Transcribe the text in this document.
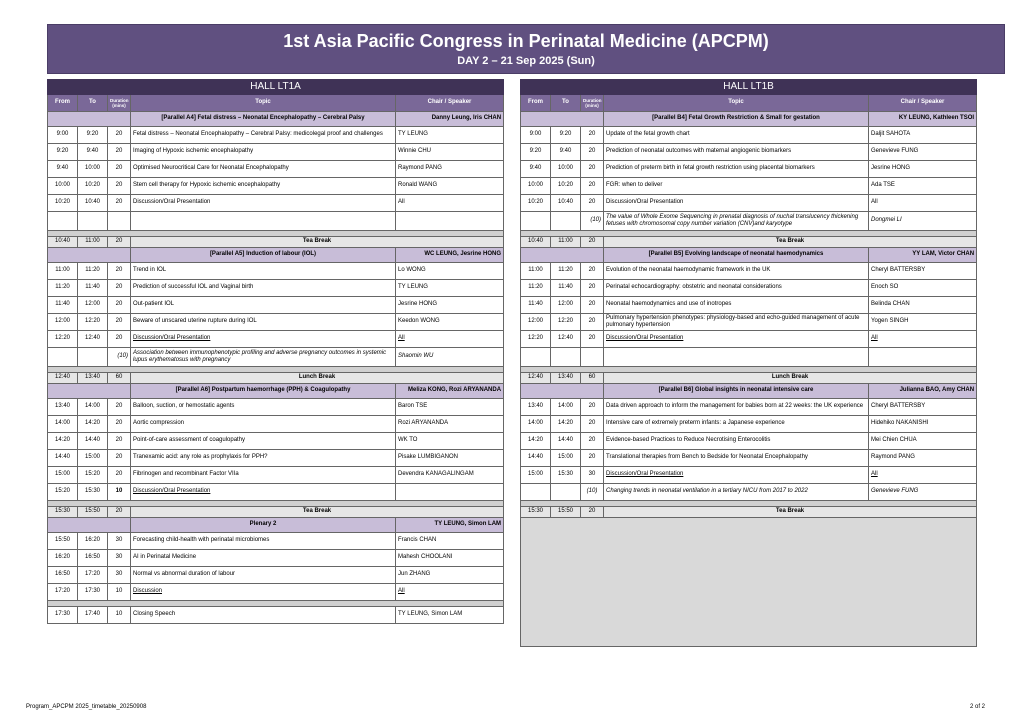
1st Asia Pacific Congress in Perinatal Medicine (APCPM)
DAY 2 – 21 Sep 2025 (Sun)
HALL LT1A				
From	To	Duration (mins)	Topic	Chair / Speaker
			[Parallel A4] Fetal distress – Neonatal Encephalopathy – Cerebral Palsy	Danny Leung, Iris CHAN
9:00	9:20	20	Fetal distress – Neonatal Encephalopathy – Cerebral Palsy: medicolegal proof and challenges	TY LEUNG
9:20	9:40	20	Imaging of Hypoxic ischemic encephalopathy	Winnie CHU
9:40	10:00	20	Optimised Neurocritical Care for Neonatal Encephalopathy	Raymond PANG
10:00	10:20	20	Stem cell therapy for Hypoxic ischemic encephalopathy	Ronald WANG
10:20	10:40	20	Discussion/Oral Presentation	All

10:40	11:00	20	Tea Break	
			[Parallel A5] Induction of labour (IOL)	WC LEUNG, Jesrine HONG
11:00	11:20	20	Trend in IOL	Lo WONG
11:20	11:40	20	Prediction of successful IOL and Vaginal birth	TY LEUNG
11:40	12:00	20	Out-patient IOL	Jesrine HONG
12:00	12:20	20	Beware of unscared uterine rupture during IOL	Keedon WONG
12:20	12:40	20	Discussion/Oral Presentation	All
		(10)	Association between immunophenotypic profiling and adverse pregnancy outcomes in systemic lupus erythematosus with pregnancy	Shaomin WU

12:40	13:40	60	Lunch Break	
			[Parallel A6] Postpartum haemorrhage (PPH) & Coagulopathy	Meliza KONG, Rozi ARYANANDA
13:40	14:00	20	Balloon, suction, or hemostatic agents	Baron TSE
14:00	14:20	20	Aortic compression	Rozi ARYANANDA
14:20	14:40	20	Point-of-care assessment of coagulopathy	WK TO
14:40	15:00	20	Tranexamic acid: any role as prophylaxis for PPH?	Pisake LUMBIGANON
15:00	15:20	20	Fibrinogen and recombinant Factor VIIa	Devendra KANAGALINGAM
15:20	15:30	10	Discussion/Oral Presentation	

15:30	15:50	20	Tea Break	
			Plenary 2	TY LEUNG, Simon LAM
15:50	16:20	30	Forecasting child-health with perinatal microbiomes	Francis CHAN
16:20	16:50	30	AI in Perinatal Medicine	Mahesh CHOOLANI
16:50	17:20	30	Normal vs abnormal duration of labour	Jun ZHANG
17:20	17:30	10	Discussion	All

17:30	17:40	10	Closing Speech	TY LEUNG, Simon LAM
HALL LT1B				
From	To	Duration (mins)	Topic	Chair / Speaker
			[Parallel B4] Fetal Growth Restriction & Small for gestation	KY LEUNG, Kathleen TSOI
9:00	9:20	20	Update of the fetal growth chart	Daljit SAHOTA
9:20	9:40	20	Prediction of neonatal outcomes with maternal angiogenic biomarkers	Genevieve FUNG
9:40	10:00	20	Prediction of preterm birth in fetal growth restriction using placental biomarkers	Jesrine HONG
10:00	10:20	20	FGR: when to deliver	Ada TSE
10:20	10:40	20	Discussion/Oral Presentation	All
		(10)	The value of Whole Exome Sequencing in prenatal diagnosis of nuchal translucency thickening fetuses with chromosomal copy number variation (CNV)and karyotype	Dongmei LI

10:40	11:00	20	Tea Break	
			[Parallel B5] Evolving landscape of neonatal haemodynamics	YY LAM, Victor CHAN
11:00	11:20	20	Evolution of the neonatal haemodynamic framework in the UK	Cheryl BATTERSBY
11:20	11:40	20	Perinatal echocardiography: obstetric and neonatal considerations	Enoch SO
11:40	12:00	20	Neonatal haemodynamics and use of inotropes	Belinda CHAN
12:00	12:20	20	Pulmonary hypertension phenotypes: physiology-based and echo-guided management of acute pulmonary hypertension	Yogen SINGH
12:20	12:40	20	Discussion/Oral Presentation	All

12:40	13:40	60	Lunch Break	
			[Parallel B6] Global insights in neonatal intensive care	Julianna BAO, Amy CHAN
13:40	14:00	20	Data driven approach to inform the management for babies born at 22 weeks: the UK experience	Cheryl BATTERSBY
14:00	14:20	20	Intensive care of extremely preterm infants: a Japanese experience	Hidehiko NAKANISHI
14:20	14:40	20	Evidence-based Practices to Reduce Necrotising Enterocolitis	Mei Chien CHUA
14:40	15:00	20	Translational therapies from Bench to Bedside for Neonatal Encephalopathy	Raymond PANG
15:00	15:30	30	Discussion/Oral Presentation	All
		(10)	Changing trends in neonatal ventilation in a tertiary NICU from 2017 to 2022	Genevieve FUNG

15:30	15:50	20	Tea Break	

Program_APCPM 2025_timetable_20250908	2 of 2
